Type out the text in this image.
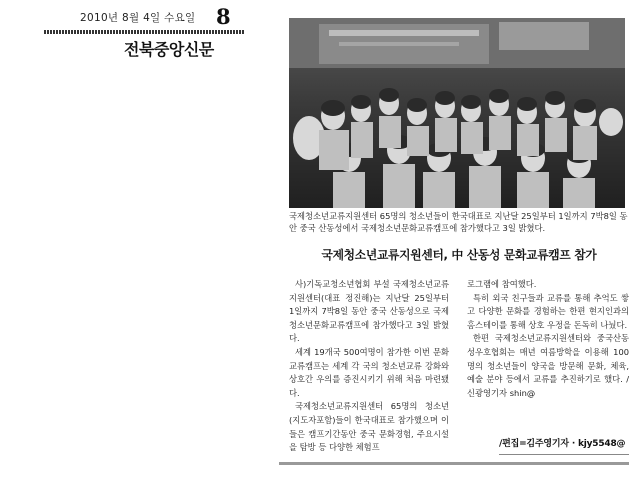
2010년 8월 4일 수요일 8
전북중앙신문
국제청소년교류지원센터 65명의 청소년들이 한국대표로 지난달 25일부터 1일까지 7박8일 동안 중국 산동성에서 국제청소년문화교류캠프에 참가했다고 3일 밝혔다.
국제청소년교류지원센터, 中 산동성 문화교류캠프 참가

사)기독교청소년협회 부설 국제청소년교류지원센터(대표 정진해)는 지난달 25일부터 1일까지 7박8일 동안 중국 산동성으로 국제청소년문화교류캠프에 참가했다고 3일 밝혔다.

세계 19개국 500여명이 참가한 이번 문화교류캠프는 세계 각 국의 청소년교류 강화와 상호간 우의를 증진시키기 위해 처음 마련됐다.

국제청소년교류지원센터 65명의 청소년(지도자포함)들이 한국대표로 참가했으며 이들은 캠프기간동안 중국 문화경험, 주요시설을 탐방 등 다양한 체험프

로그램에 참여했다.

특히 외국 친구들과 교류를 통해 추억도 쌓고 다양한 문화를 경험하는 한편 현지인과의 홈스테이를 통해 상호 우정을 돈독히 나눴다.

한편 국제청소년교류지원센터와 중국산동성우호협회는 매년 여름방학을 이용해 100명의 청소년들이 양국을 방문해 문화, 체육, 예술 분야 등에서 교류를 추진하기로 했다. /신광영기자 shin@

/편집=김주영기자 · kjy5548@
